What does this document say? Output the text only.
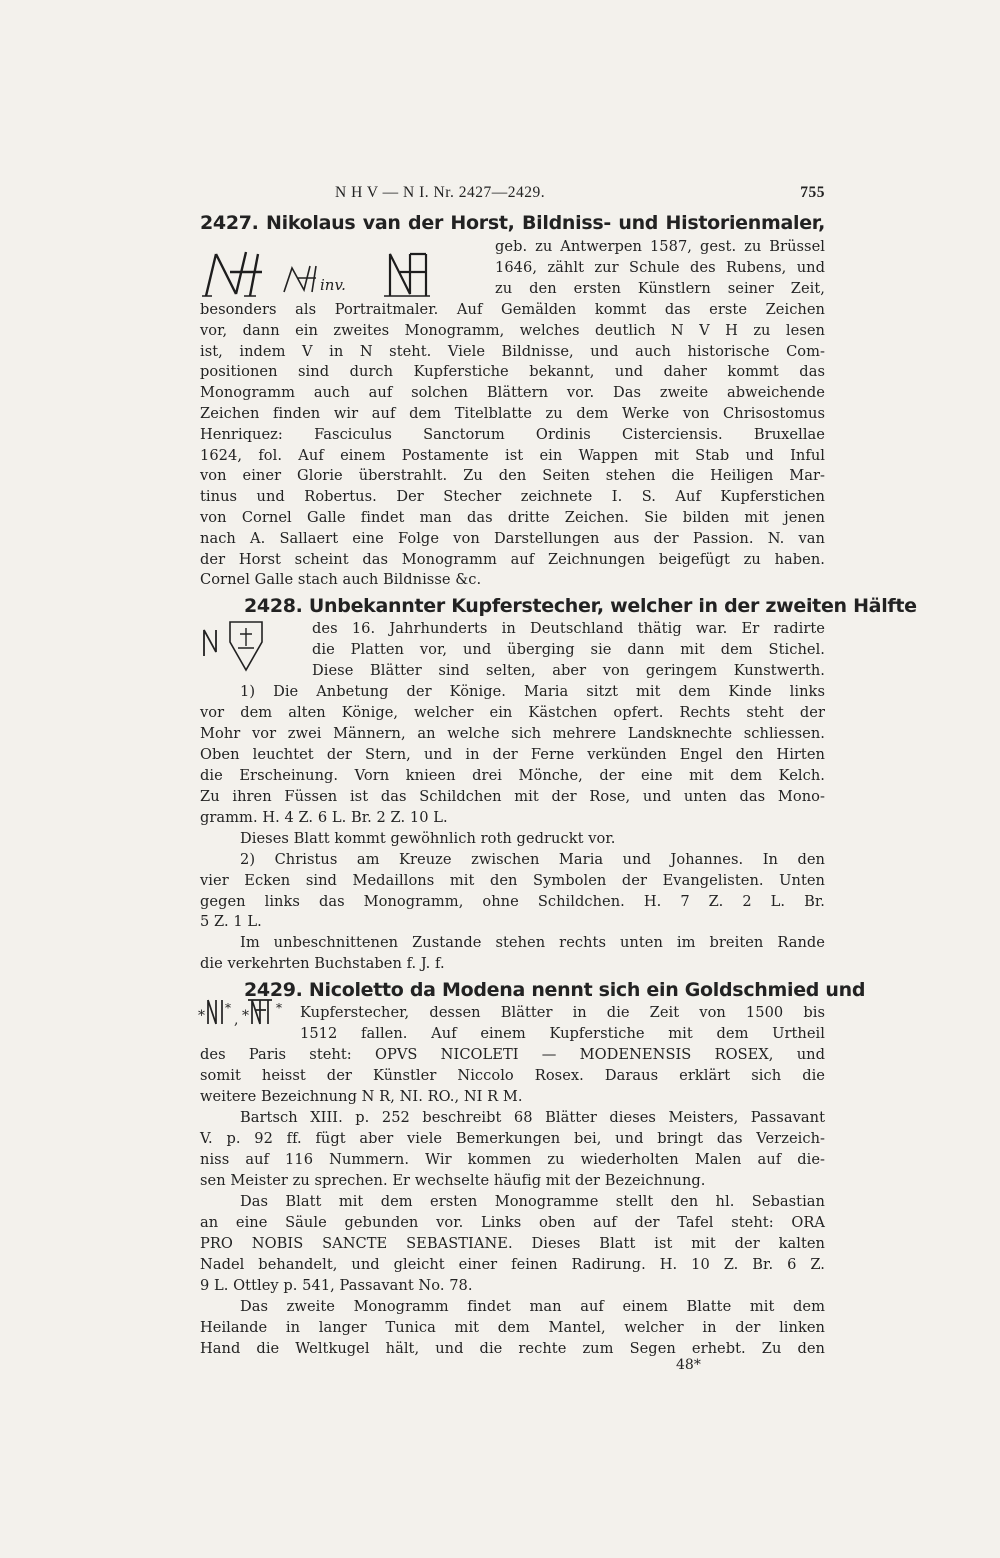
N H V — N I. Nr. 2427—2429.	755
inv.
* *
, * *
2427. Nikolaus van der Horst, Bildniss- und Historienmaler,
geb. zu Antwerpen 1587, gest. zu Brüssel
1646, zählt zur Schule des Rubens, und
zu den ersten Künstlern seiner Zeit,
besonders als Portraitmaler. Auf Gemälden kommt das erste Zeichen
vor, dann ein zweites Monogramm, welches deutlich N V H zu lesen
ist, indem V in N steht. Viele Bildnisse, und auch historische Com-
positionen sind durch Kupferstiche bekannt, und daher kommt das
Monogramm auch auf solchen Blättern vor. Das zweite abweichende
Zeichen finden wir auf dem Titelblatte zu dem Werke von Chrisostomus
Henriquez: Fasciculus Sanctorum Ordinis Cisterciensis. Bruxellae
1624, fol. Auf einem Postamente ist ein Wappen mit Stab und Inful
von einer Glorie überstrahlt. Zu den Seiten stehen die Heiligen Mar-
tinus und Robertus. Der Stecher zeichnete I. S. Auf Kupferstichen
von Cornel Galle findet man das dritte Zeichen. Sie bilden mit jenen
nach A. Sallaert eine Folge von Darstellungen aus der Passion. N. van
der Horst scheint das Monogramm auf Zeichnungen beigefügt zu haben.
Cornel Galle stach auch Bildnisse &c.
2428. Unbekannter Kupferstecher, welcher in der zweiten Hälfte
des 16. Jahrhunderts in Deutschland thätig war. Er radirte
die Platten vor, und überging sie dann mit dem Stichel.
Diese Blätter sind selten, aber von geringem Kunstwerth.
1) Die Anbetung der Könige. Maria sitzt mit dem Kinde links
vor dem alten Könige, welcher ein Kästchen opfert. Rechts steht der
Mohr vor zwei Männern, an welche sich mehrere Landsknechte schliessen.
Oben leuchtet der Stern, und in der Ferne verkünden Engel den Hirten
die Erscheinung. Vorn knieen drei Mönche, der eine mit dem Kelch.
Zu ihren Füssen ist das Schildchen mit der Rose, und unten das Mono-
gramm. H. 4 Z. 6 L. Br. 2 Z. 10 L.
Dieses Blatt kommt gewöhnlich roth gedruckt vor.
2) Christus am Kreuze zwischen Maria und Johannes. In den
vier Ecken sind Medaillons mit den Symbolen der Evangelisten. Unten
gegen links das Monogramm, ohne Schildchen. H. 7 Z. 2 L. Br.
5 Z. 1 L.
Im unbeschnittenen Zustande stehen rechts unten im breiten Rande
die verkehrten Buchstaben f. J. f.
2429. Nicoletto da Modena nennt sich ein Goldschmied und
Kupferstecher, dessen Blätter in die Zeit von 1500 bis
1512 fallen. Auf einem Kupferstiche mit dem Urtheil
des Paris steht: OPVS NICOLETI — MODENENSIS ROSEX, und
somit heisst der Künstler Niccolo Rosex. Daraus erklärt sich die
weitere Bezeichnung N R, NI. RO., NI R M.
Bartsch XIII. p. 252 beschreibt 68 Blätter dieses Meisters, Passavant
V. p. 92 ff. fügt aber viele Bemerkungen bei, und bringt das Verzeich-
niss auf 116 Nummern. Wir kommen zu wiederholten Malen auf die-
sen Meister zu sprechen. Er wechselte häufig mit der Bezeichnung.
Das Blatt mit dem ersten Monogramme stellt den hl. Sebastian
an eine Säule gebunden vor. Links oben auf der Tafel steht: ORA
PRO NOBIS SANCTE SEBASTIANE. Dieses Blatt ist mit der kalten
Nadel behandelt, und gleicht einer feinen Radirung. H. 10 Z. Br. 6 Z.
9 L. Ottley p. 541, Passavant No. 78.
Das zweite Monogramm findet man auf einem Blatte mit dem
Heilande in langer Tunica mit dem Mantel, welcher in der linken
Hand die Weltkugel hält, und die rechte zum Segen erhebt. Zu den
48*
